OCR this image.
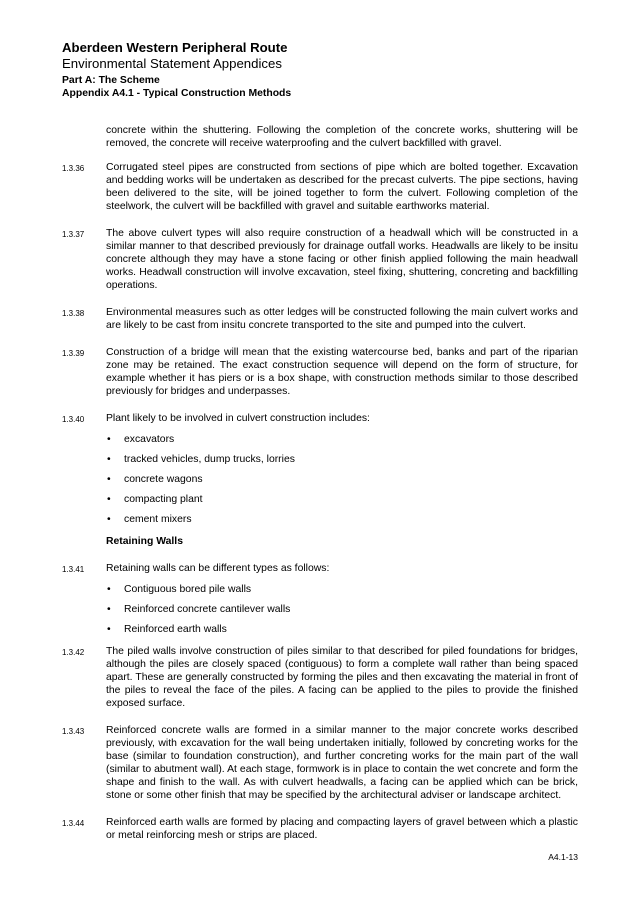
Aberdeen Western Peripheral Route
Environmental Statement Appendices
Part A: The Scheme
Appendix A4.1 - Typical Construction Methods
concrete within the shuttering. Following the completion of the concrete works, shuttering will be removed, the concrete will receive waterproofing and the culvert backfilled with gravel.
1.3.36 Corrugated steel pipes are constructed from sections of pipe which are bolted together. Excavation and bedding works will be undertaken as described for the precast culverts. The pipe sections, having been delivered to the site, will be joined together to form the culvert. Following completion of the steelwork, the culvert will be backfilled with gravel and suitable earthworks material.
1.3.37 The above culvert types will also require construction of a headwall which will be constructed in a similar manner to that described previously for drainage outfall works. Headwalls are likely to be insitu concrete although they may have a stone facing or other finish applied following the main headwall works. Headwall construction will involve excavation, steel fixing, shuttering, concreting and backfilling operations.
1.3.38 Environmental measures such as otter ledges will be constructed following the main culvert works and are likely to be cast from insitu concrete transported to the site and pumped into the culvert.
1.3.39 Construction of a bridge will mean that the existing watercourse bed, banks and part of the riparian zone may be retained. The exact construction sequence will depend on the form of structure, for example whether it has piers or is a box shape, with construction methods similar to those described previously for bridges and underpasses.
1.3.40 Plant likely to be involved in culvert construction includes:
• excavators
• tracked vehicles, dump trucks, lorries
• concrete wagons
• compacting plant
• cement mixers
Retaining Walls
1.3.41 Retaining walls can be different types as follows:
• Contiguous bored pile walls
• Reinforced concrete cantilever walls
• Reinforced earth walls
1.3.42 The piled walls involve construction of piles similar to that described for piled foundations for bridges, although the piles are closely spaced (contiguous) to form a complete wall rather than being spaced apart. These are generally constructed by forming the piles and then excavating the material in front of the piles to reveal the face of the piles. A facing can be applied to the piles to provide the finished exposed surface.
1.3.43 Reinforced concrete walls are formed in a similar manner to the major concrete works described previously, with excavation for the wall being undertaken initially, followed by concreting works for the base (similar to foundation construction), and further concreting works for the main part of the wall (similar to abutment wall). At each stage, formwork is in place to contain the wet concrete and form the shape and finish to the wall. As with culvert headwalls, a facing can be applied which can be brick, stone or some other finish that may be specified by the architectural adviser or landscape architect.
1.3.44 Reinforced earth walls are formed by placing and compacting layers of gravel between which a plastic or metal reinforcing mesh or strips are placed.
A4.1-13
